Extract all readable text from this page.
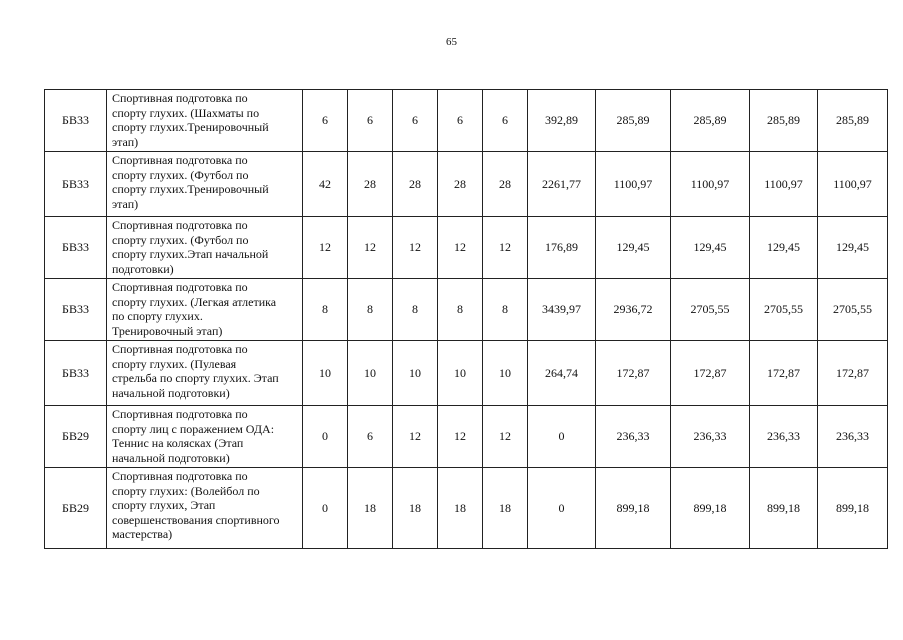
65
БВ33	Спортивная подготовка по
спорту глухих. (Шахматы по
спорту глухих.Тренировочный
этап)	6	6	6	6	6	392,89	285,89	285,89	285,89	285,89
БВ33	Спортивная подготовка по
спорту глухих. (Футбол по
спорту глухих.Тренировочный
этап)	42	28	28	28	28	2261,77	1100,97	1100,97	1100,97	1100,97
БВ33	Спортивная подготовка по
спорту глухих. (Футбол по
спорту глухих.Этап начальной
подготовки)	12	12	12	12	12	176,89	129,45	129,45	129,45	129,45
БВ33	Спортивная подготовка по
спорту глухих. (Легкая атлетика
по спорту глухих.
Тренировочный этап)	8	8	8	8	8	3439,97	2936,72	2705,55	2705,55	2705,55
БВ33	Спортивная подготовка по
спорту глухих. (Пулевая
стрельба по спорту глухих. Этап
начальной подготовки)	10	10	10	10	10	264,74	172,87	172,87	172,87	172,87
БВ29	Спортивная подготовка по
спорту лиц с поражением ОДА:
Теннис на колясках (Этап
начальной подготовки)	0	6	12	12	12	0	236,33	236,33	236,33	236,33
БВ29	Спортивная подготовка по
спорту глухих: (Волейбол по
спорту глухих, Этап
совершенствования спортивного
мастерства)	0	18	18	18	18	0	899,18	899,18	899,18	899,18
